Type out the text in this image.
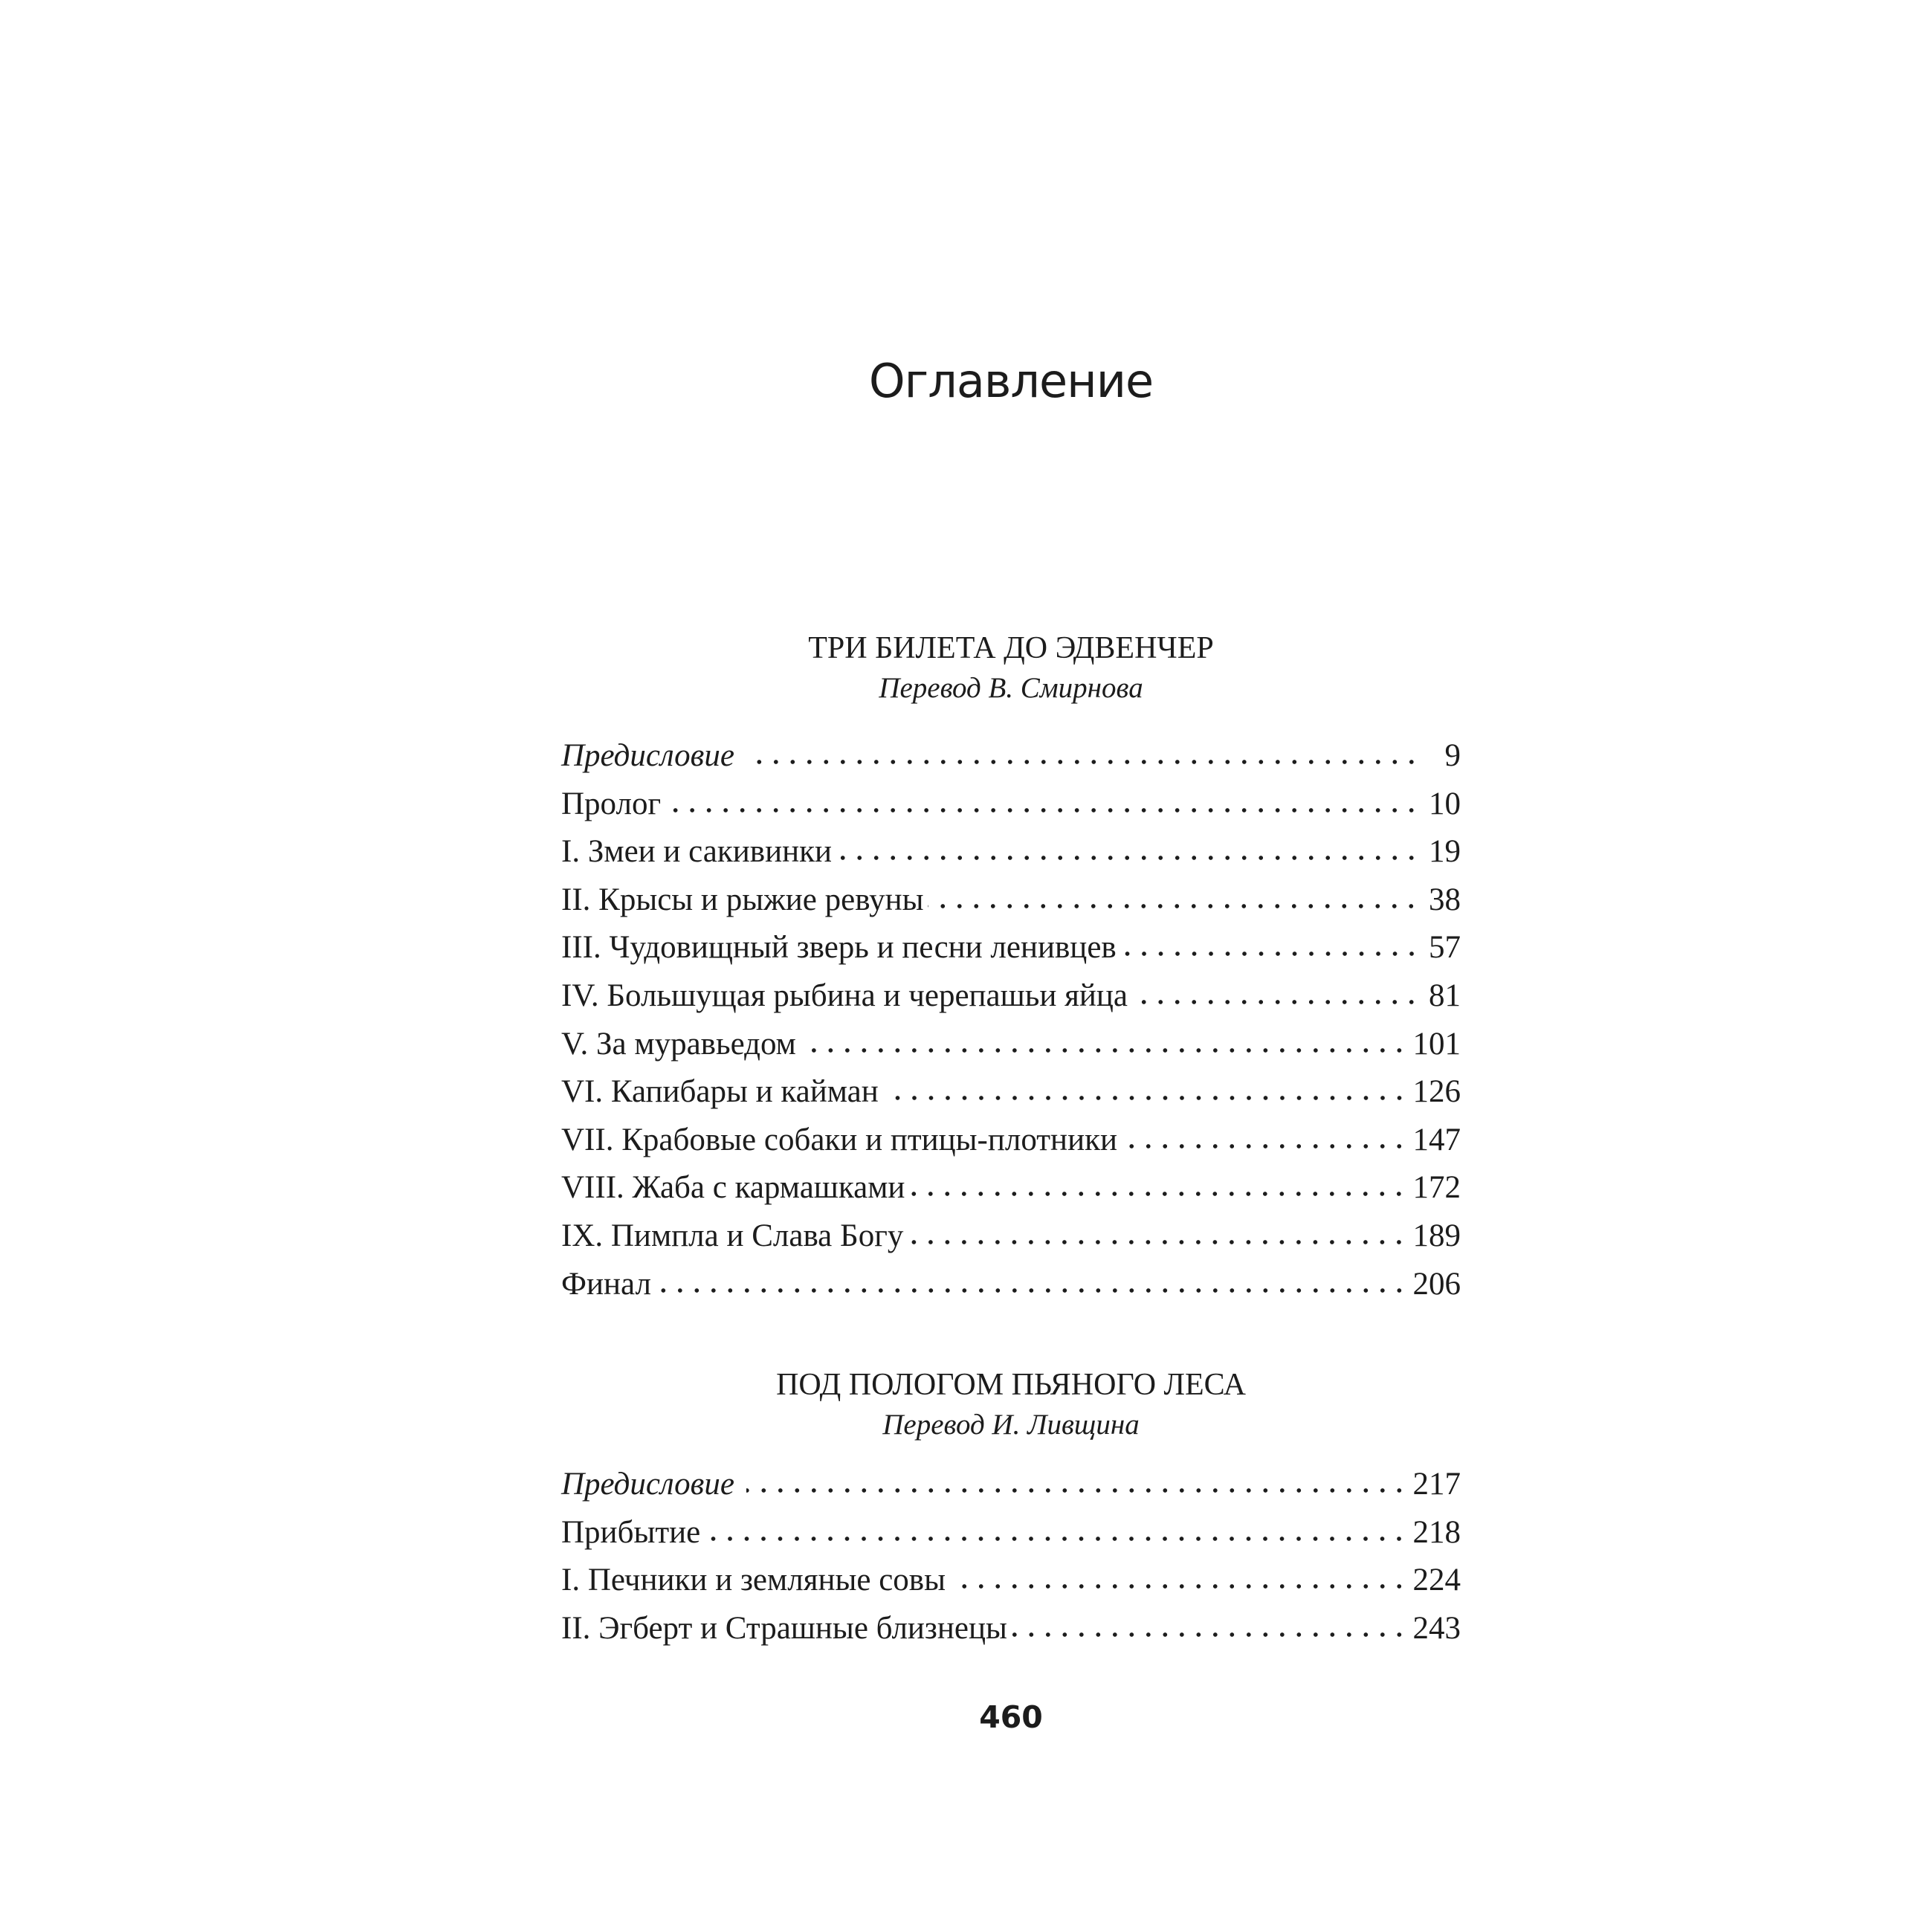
Оглавление
ТРИ БИЛЕТА ДО ЭДВЕНЧЕР

Перевод В. Смирнова

Предисловие	9
Пролог	10
I. Змеи и сакивинки	19
II. Крысы и рыжие ревуны	38
III. Чудовищный зверь и песни ленивцев	57
IV. Большущая рыбина и черепашьи яйца	81
V. За муравьедом	101
VI. Капибары и кайман	126
VII. Крабовые собаки и птицы-плотники	147
VIII. Жаба с кармашками	172
IX. Пимпла и Слава Богу	189
Финал	206
ПОД ПОЛОГОМ ПЬЯНОГО ЛЕСА

Перевод И. Ливщина

Предисловие	217
Прибытие	218
I. Печники и земляные совы	224
II. Эгберт и Страшные близнецы	243
460
